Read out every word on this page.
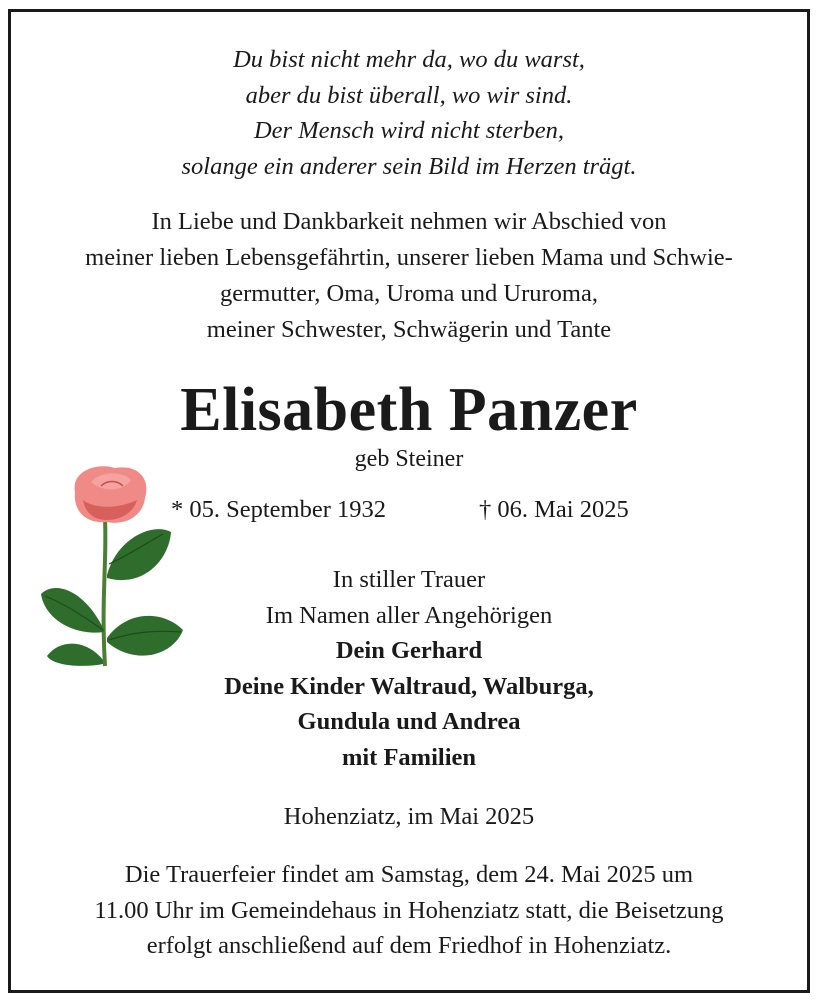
Du bist nicht mehr da, wo du warst,
aber du bist überall, wo wir sind.
Der Mensch wird nicht sterben,
solange ein anderer sein Bild im Herzen trägt.
In Liebe und Dankbarkeit nehmen wir Abschied von
meiner lieben Lebensgefährtin, unserer lieben Mama und Schwie-
germutter, Oma, Uroma und Ururoma,
meiner Schwester, Schwägerin und Tante
Elisabeth Panzer
geb Steiner
* 05. September 1932	† 06. Mai 2025
In stiller Trauer
Im Namen aller Angehörigen
Dein Gerhard
Deine Kinder Waltraud, Walburga,
Gundula und Andrea
mit Familien
Hohenziatz, im Mai 2025
Die Trauerfeier findet am Samstag, dem 24. Mai 2025 um
11.00 Uhr im Gemeindehaus in Hohenziatz statt, die Beisetzung
erfolgt anschließend auf dem Friedhof in Hohenziatz.
